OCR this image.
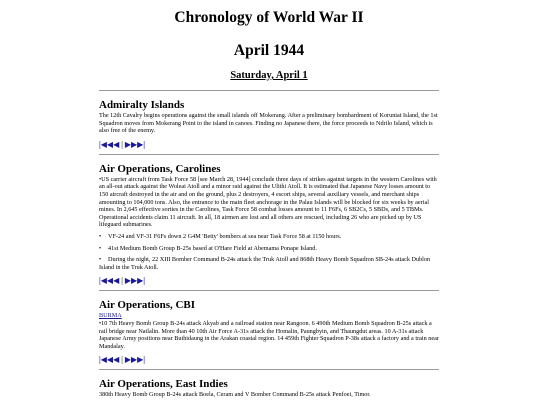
Chronology of World War II
April 1944
Saturday, April 1
Admiralty Islands

The 12th Cavalry begins operations against the small islands off Mokerang. After a preliminary bombardment of Koruniat Island, the 1st Squadron moves from Mokerang Point to the island in canoes. Finding no Japanese there, the force proceeds to Ndrilo Island, which is also free of the enemy.

|◀◀◀ | ▶▶▶|
Air Operations, Carolines

•US carrier aircraft from Task Force 58 [see March 28, 1944] conclude three days of strikes against targets in the western Carolines with an all-out attack against the Woleai Atoll and a minor raid against the Ulithi Atoll. It is estimated that Japanese Navy losses amount to 150 aircraft destroyed in the air and on the ground, plus 2 destroyers, 4 escort ships, several auxiliary vessels, and merchant ships amounting to 104,000 tons. Also, the entrance to the main fleet anchorage in the Palau Islands will be blocked for six weeks by aerial mines. In 2,645 effective sorties in the Carolines, Task Force 58 combat losses amount to 11 F6Fs, 6 SB2Cs, 5 SBDs, and 5 TBMs. Operational accidents claim 11 aircraft. In all, 18 airmen are lost and all others are rescued, including 26 who are picked up by US lifeguard submarines.

• VF-24 and VF-31 F6Fs down 2 G4M 'Betty' bombers at sea near Task Force 58 at 1150 hours.

• 41st Medium Bomb Group B-25s based at O'Hare Field at Abemama Ponape Island.

• During the night, 22 XIII Bomber Command B-24s attack the Truk Atoll and 868th Heavy Bomb Squadron SB-24s attack Dublon Island in the Truk Atoll.

|◀◀◀ | ▶▶▶|
Air Operations, CBI

BURMA

•10 7th Heavy Bomb Group B-24s attack Akyab and a railroad station near Rangoon. 6 490th Medium Bomb Squadron B-25s attack a rail bridge near Natlalin. More than 40 10th Air Force A-31s attack the Homalin, Paungbyin, and Thaungdut areas. 10 A-31s attack Japanese Army positions near Buthidaung in the Arakan coastal region. 14 459th Fighter Squadron P-38s attack a factory and a train near Mandalay.

|◀◀◀ | ▶▶▶|
Air Operations, East Indies

380th Heavy Bomb Group B-24s attack Boela, Ceram and V Bomber Command B-25s attack Penfoei, Timor.
